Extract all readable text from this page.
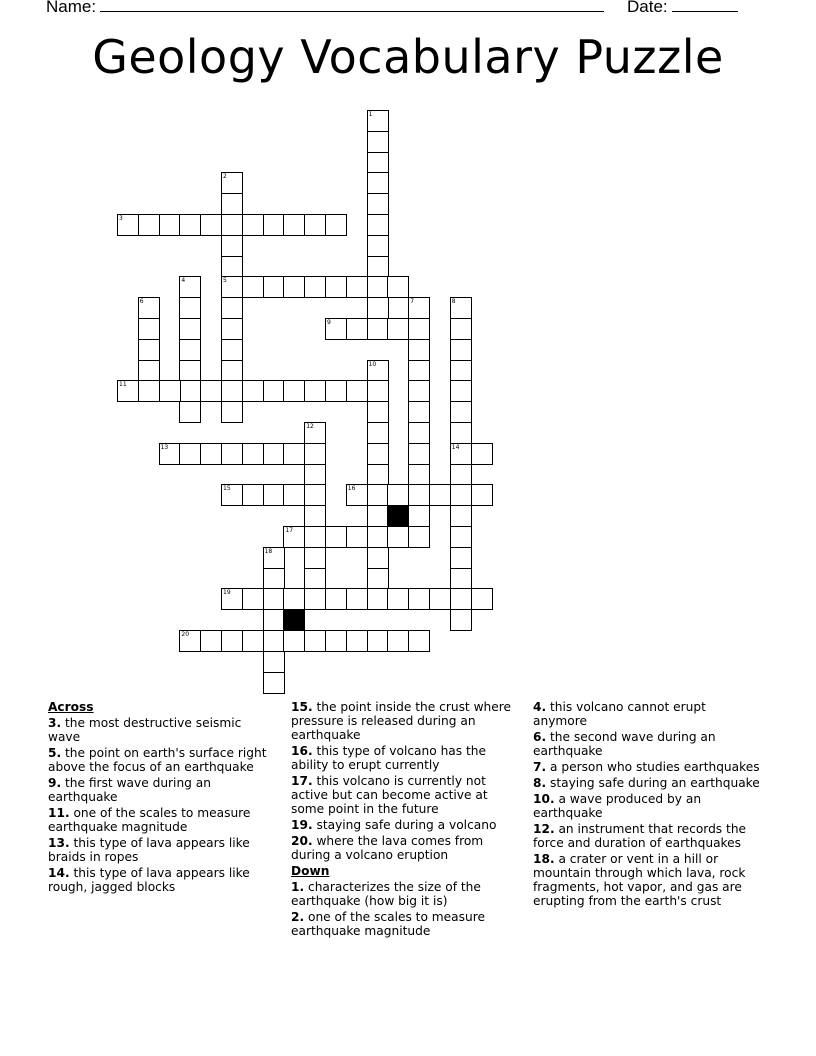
Name:	Date:
Geology Vocabulary Puzzle
1
2
5
3
4
6	7	8
14
9
10
11
12
13
15	16
17
18
19
20
Across
3. the most destructive seismic wave
5. the point on earth's surface right above the focus of an earthquake
9. the first wave during an earthquake
11. one of the scales to measure earthquake magnitude
13. this type of lava appears like braids in ropes
14. this type of lava appears like rough, jagged blocks
15. the point inside the crust where pressure is released during an earthquake
16. this type of volcano has the ability to erupt currently
17. this volcano is currently not active but can become active at some point in the future
19. staying safe during a volcano
20. where the lava comes from during a volcano eruption
Down
1. characterizes the size of the earthquake (how big it is)
2. one of the scales to measure earthquake magnitude
4. this volcano cannot erupt anymore
6. the second wave during an earthquake
7. a person who studies earthquakes
8. staying safe during an earthquake
10. a wave produced by an earthquake
12. an instrument that records the force and duration of earthquakes
18. a crater or vent in a hill or mountain through which lava, rock fragments, hot vapor, and gas are erupting from the earth's crust
